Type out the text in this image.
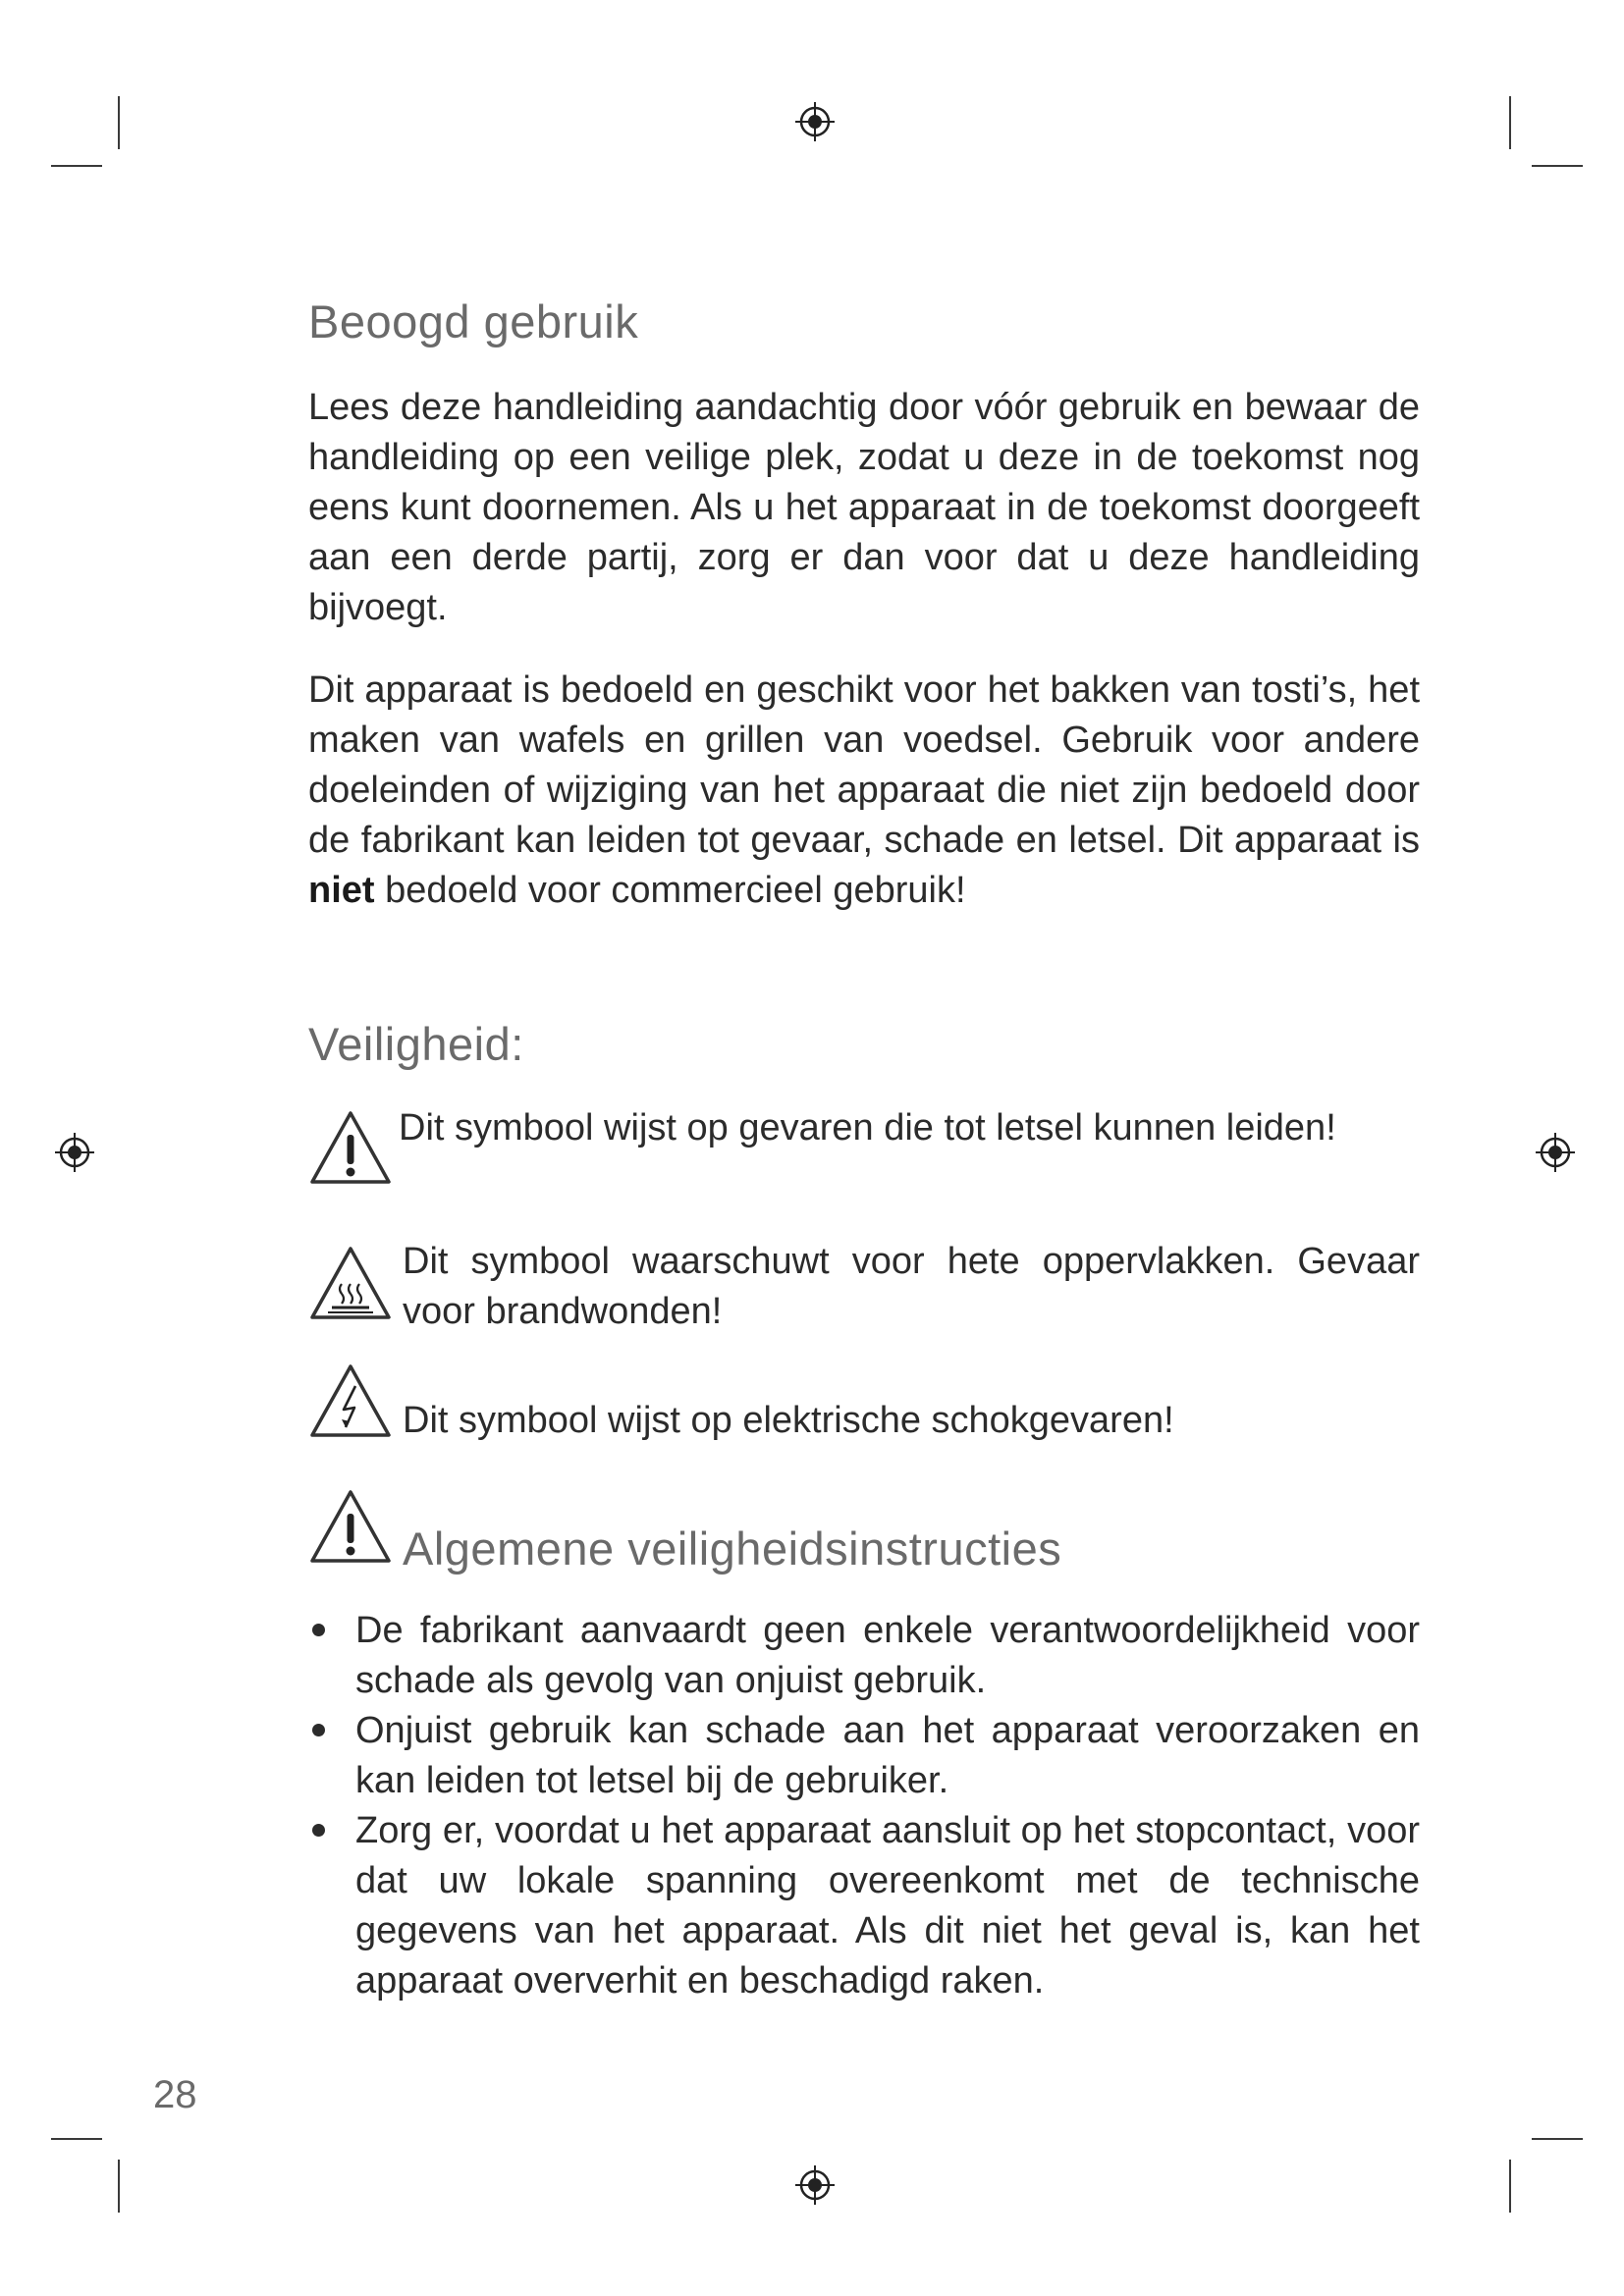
Beoogd gebruik

Lees deze handleiding aandachtig door vóór gebruik en bewaar de handleiding op een veilige plek, zodat u deze in de toekomst nog eens kunt doornemen. Als u het apparaat in de toekomst doorgeeft aan een derde partij, zorg er dan voor dat u deze handleiding bijvoegt.

Dit apparaat is bedoeld en geschikt voor het bakken van tosti’s, het maken van wafels en grillen van voedsel. Gebruik voor andere doeleinden of wijziging van het apparaat die niet zijn bedoeld door de fabrikant kan leiden tot gevaar, schade en letsel. Dit apparaat is niet bedoeld voor commercieel gebruik!

Veiligheid:
Dit symbool wijst op gevaren die tot letsel kunnen leiden!
Dit symbool waarschuwt voor hete oppervlakken. Gevaar voor brandwonden!
Dit symbool wijst op elektrische schokgevaren!
Algemene veiligheidsinstructies
De fabrikant aanvaardt geen enkele verantwoordelijkheid voor schade als gevolg van onjuist gebruik.
Onjuist gebruik kan schade aan het apparaat veroorzaken en kan leiden tot letsel bij de gebruiker.
Zorg er, voordat u het apparaat aansluit op het stopcontact, voor dat uw lokale spanning overeenkomt met de technische gegevens van het apparaat. Als dit niet het geval is, kan het apparaat oververhit en beschadigd raken.
28
